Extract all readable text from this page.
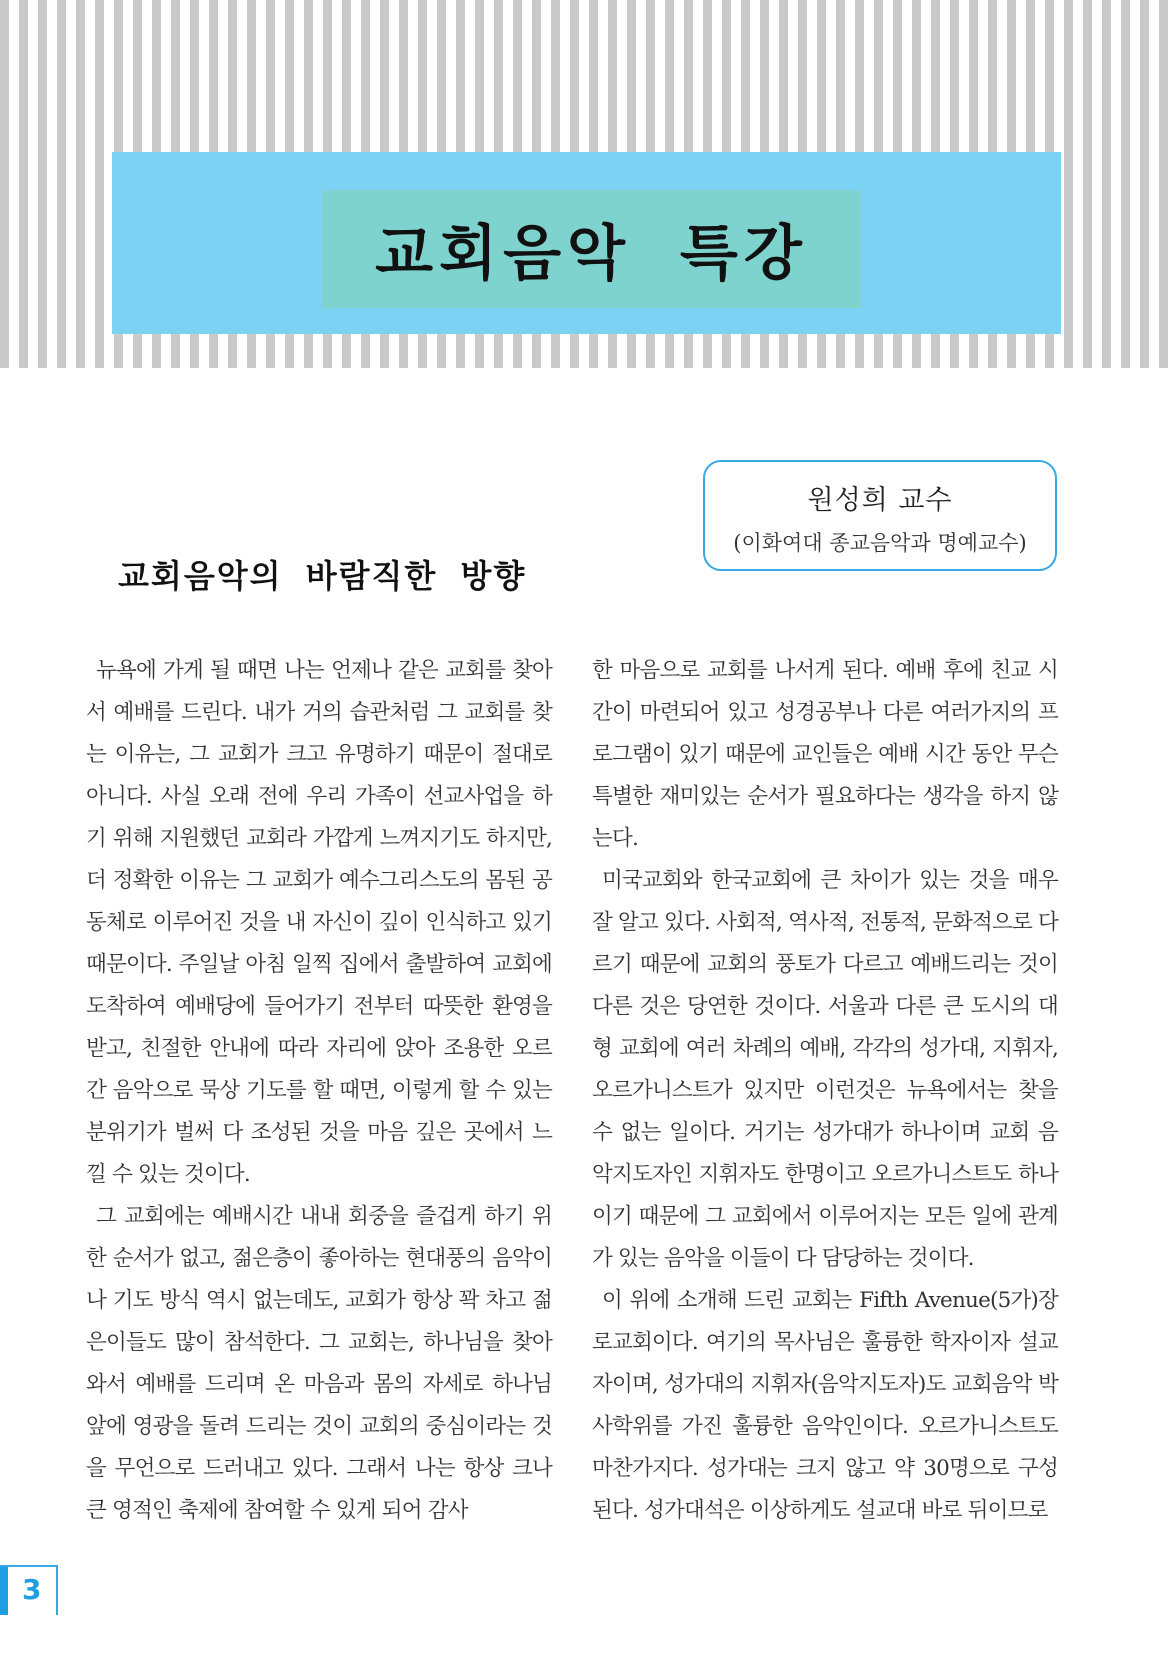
교회음악 특강
원성희 교수
(이화여대 종교음악과 명예교수)
교회음악의 바람직한 방향

뉴욕에 가게 될 때면 나는 언제나 같은 교회를 찾아서 예배를 드린다. 내가 거의 습관처럼 그 교회를 찾는 이유는, 그 교회가 크고 유명하기 때문이 절대로 아니다. 사실 오래 전에 우리 가족이 선교사업을 하기 위해 지원했던 교회라 가깝게 느껴지기도 하지만, 더 정확한 이유는 그 교회가 예수그리스도의 몸된 공동체로 이루어진 것을 내 자신이 깊이 인식하고 있기 때문이다. 주일날 아침 일찍 집에서 출발하여 교회에 도착하여 예배당에 들어가기 전부터 따뜻한 환영을 받고, 친절한 안내에 따라 자리에 앉아 조용한 오르간 음악으로 묵상 기도를 할 때면, 이렇게 할 수 있는 분위기가 벌써 다 조성된 것을 마음 깊은 곳에서 느낄 수 있는 것이다.

그 교회에는 예배시간 내내 회중을 즐겁게 하기 위한 순서가 없고, 젊은층이 좋아하는 현대풍의 음악이나 기도 방식 역시 없는데도, 교회가 항상 꽉 차고 젊은이들도 많이 참석한다. 그 교회는, 하나님을 찾아 와서 예배를 드리며 온 마음과 몸의 자세로 하나님 앞에 영광을 돌려 드리는 것이 교회의 중심이라는 것을 무언으로 드러내고 있다. 그래서 나는 항상 크나큰 영적인 축제에 참여할 수 있게 되어 감사

한 마음으로 교회를 나서게 된다. 예배 후에 친교 시간이 마련되어 있고 성경공부나 다른 여러가지의 프로그램이 있기 때문에 교인들은 예배 시간 동안 무슨 특별한 재미있는 순서가 필요하다는 생각을 하지 않는다.

미국교회와 한국교회에 큰 차이가 있는 것을 매우 잘 알고 있다. 사회적, 역사적, 전통적, 문화적으로 다르기 때문에 교회의 풍토가 다르고 예배드리는 것이 다른 것은 당연한 것이다. 서울과 다른 큰 도시의 대형 교회에 여러 차례의 예배, 각각의 성가대, 지휘자, 오르가니스트가 있지만 이런것은 뉴욕에서는 찾을 수 없는 일이다. 거기는 성가대가 하나이며 교회 음악지도자인 지휘자도 한명이고 오르가니스트도 하나이기 때문에 그 교회에서 이루어지는 모든 일에 관계가 있는 음악을 이들이 다 담당하는 것이다.

이 위에 소개해 드린 교회는 Fifth Avenue(5가)장로교회이다. 여기의 목사님은 훌륭한 학자이자 설교자이며, 성가대의 지휘자(음악지도자)도 교회음악 박사학위를 가진 훌륭한 음악인이다. 오르가니스트도 마찬가지다. 성가대는 크지 않고 약 30명으로 구성된다. 성가대석은 이상하게도 설교대 바로 뒤이므로

3
